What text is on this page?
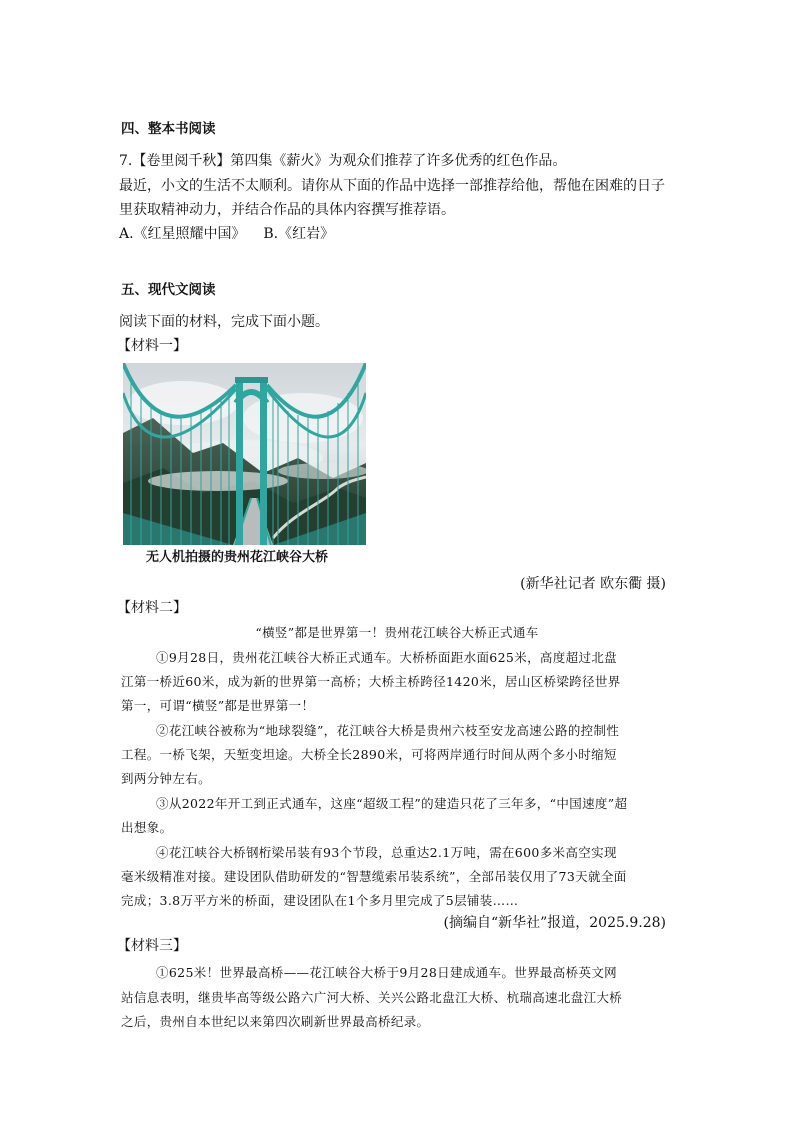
四、整本书阅读
7.【卷里阅千秋】第四集《薪火》为观众们推荐了许多优秀的红色作品。
最近，小文的生活不太顺利。请你从下面的作品中选择一部推荐给他，帮他在困难的日子
里获取精神动力，并结合作品的具体内容撰写推荐语。
A.《红星照耀中国》    B.《红岩》
五、现代文阅读
阅读下面的材料，完成下面小题。
【材料一】
无人机拍摄的贵州花江峡谷大桥
(新华社记者 欧东衢 摄)
【材料二】
“横竖”都是世界第一！贵州花江峡谷大桥正式通车
①9月28日，贵州花江峡谷大桥正式通车。大桥桥面距水面625米，高度超过北盘
江第一桥近60米，成为新的世界第一高桥；大桥主桥跨径1420米，居山区桥梁跨径世界
第一，可谓“横竖”都是世界第一！
②花江峡谷被称为“地球裂缝”，花江峡谷大桥是贵州六枝至安龙高速公路的控制性
工程。一桥飞架，天堑变坦途。大桥全长2890米，可将两岸通行时间从两个多小时缩短
到两分钟左右。
③从2022年开工到正式通车，这座“超级工程”的建造只花了三年多，“中国速度”超
出想象。
④花江峡谷大桥钢桁梁吊装有93个节段，总重达2.1万吨，需在600多米高空实现
毫米级精准对接。建设团队借助研发的“智慧缆索吊装系统”，全部吊装仅用了73天就全面
完成；3.8万平方米的桥面，建设团队在1个多月里完成了5层铺装……
(摘编自“新华社”报道，2025.9.28)
【材料三】
①625米！世界最高桥——花江峡谷大桥于9月28日建成通车。世界最高桥英文网
站信息表明，继贵毕高等级公路六广河大桥、关兴公路北盘江大桥、杭瑞高速北盘江大桥
之后，贵州自本世纪以来第四次刷新世界最高桥纪录。
